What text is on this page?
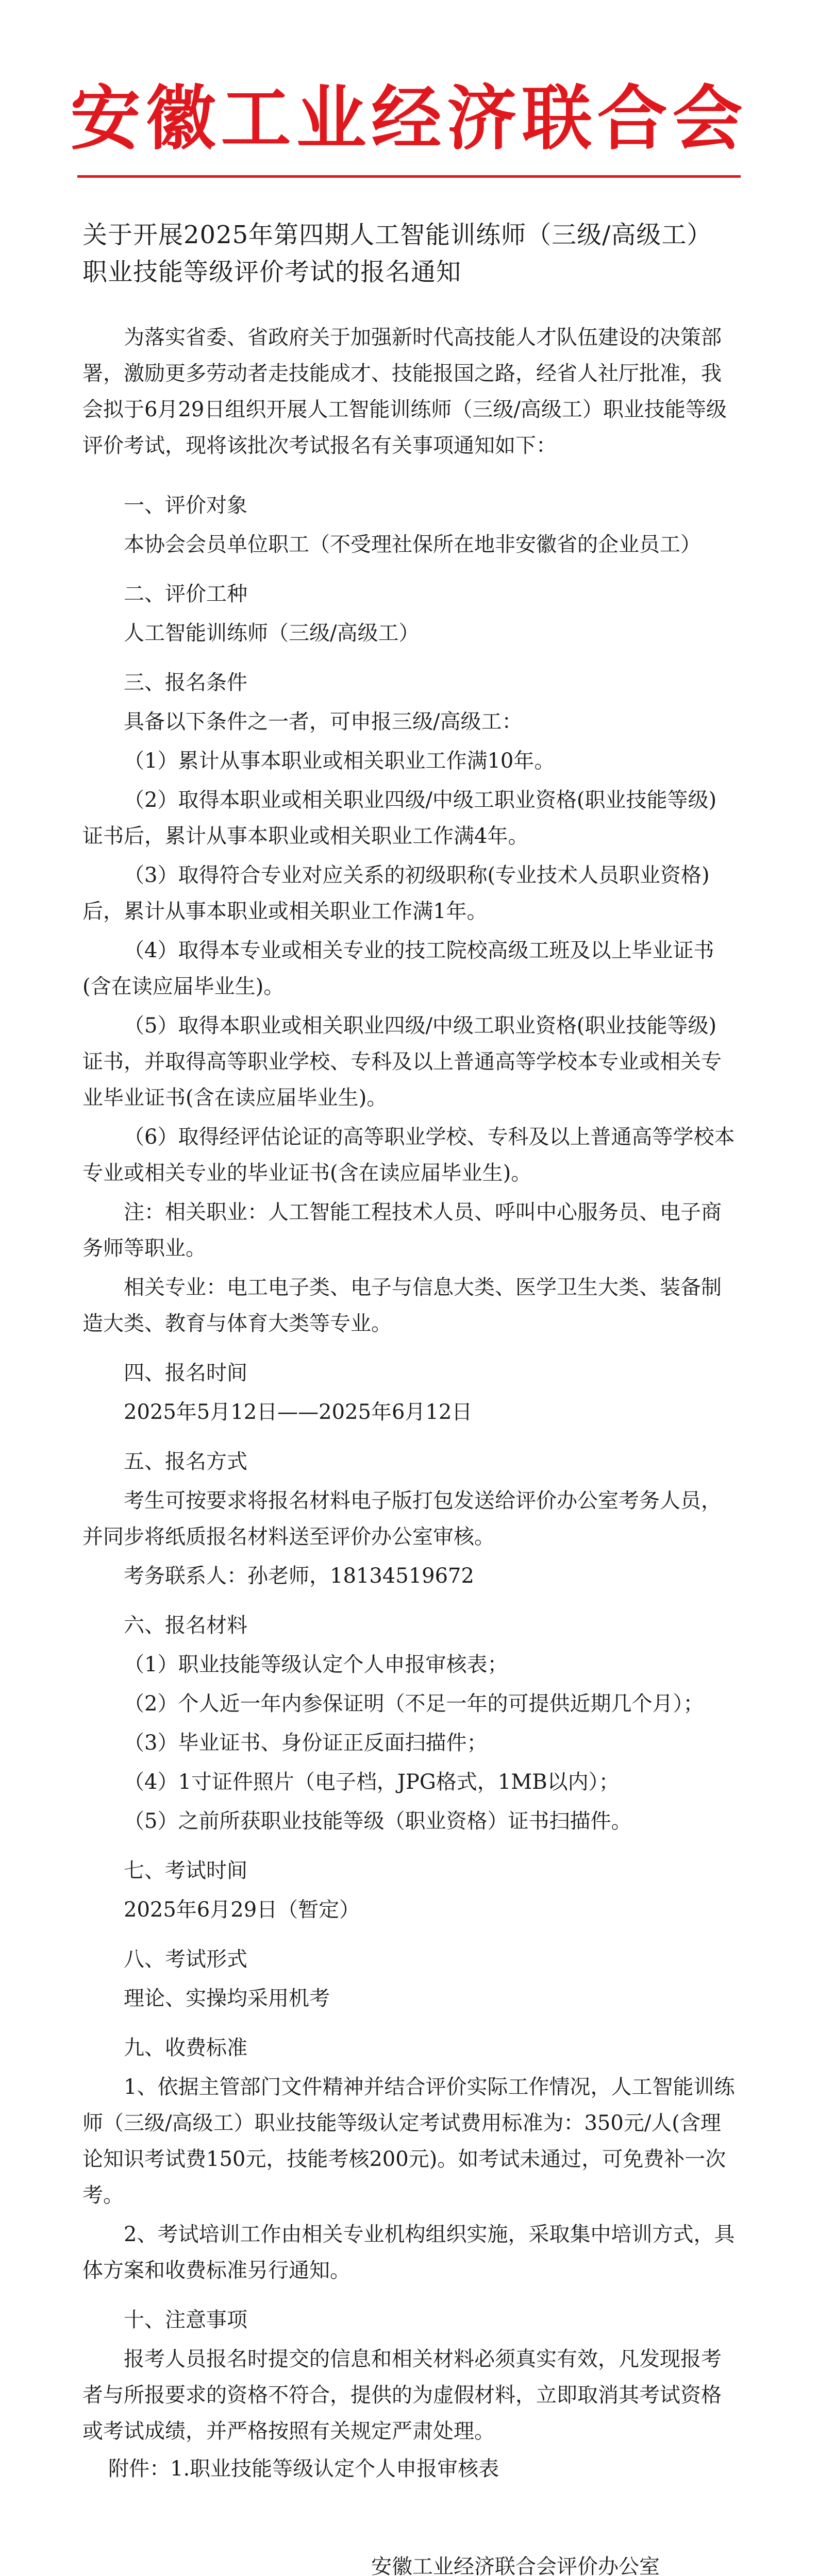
安徽工业经济联合会
关于开展2025年第四期人工智能训练师（三级/高级工）职业技能等级评价考试的报名通知

为落实省委、省政府关于加强新时代高技能人才队伍建设的决策部署，激励更多劳动者走技能成才、技能报国之路，经省人社厅批准，我会拟于6月29日组织开展人工智能训练师（三级/高级工）职业技能等级评价考试，现将该批次考试报名有关事项通知如下：

一、评价对象

本协会会员单位职工（不受理社保所在地非安徽省的企业员工）

二、评价工种

人工智能训练师（三级/高级工）

三、报名条件

具备以下条件之一者，可申报三级/高级工：

（1）累计从事本职业或相关职业工作满10年。

（2）取得本职业或相关职业四级/中级工职业资格(职业技能等级)证书后，累计从事本职业或相关职业工作满4年。

（3）取得符合专业对应关系的初级职称(专业技术人员职业资格)后，累计从事本职业或相关职业工作满1年。

（4）取得本专业或相关专业的技工院校高级工班及以上毕业证书(含在读应届毕业生)。

（5）取得本职业或相关职业四级/中级工职业资格(职业技能等级)证书，并取得高等职业学校、专科及以上普通高等学校本专业或相关专业毕业证书(含在读应届毕业生)。

（6）取得经评估论证的高等职业学校、专科及以上普通高等学校本专业或相关专业的毕业证书(含在读应届毕业生)。

注：相关职业：人工智能工程技术人员、呼叫中心服务员、电子商务师等职业。

相关专业：电工电子类、电子与信息大类、医学卫生大类、装备制造大类、教育与体育大类等专业。

四、报名时间

2025年5月12日——2025年6月12日

五、报名方式

考生可按要求将报名材料电子版打包发送给评价办公室考务人员，并同步将纸质报名材料送至评价办公室审核。

考务联系人：孙老师，18134519672

六、报名材料

（1）职业技能等级认定个人申报审核表；

（2）个人近一年内参保证明（不足一年的可提供近期几个月）；

（3）毕业证书、身份证正反面扫描件；

（4）1寸证件照片（电子档，JPG格式，1MB以内）；

（5）之前所获职业技能等级（职业资格）证书扫描件。

七、考试时间

2025年6月29日（暂定）

八、考试形式

理论、实操均采用机考

九、收费标准

1、依据主管部门文件精神并结合评价实际工作情况，人工智能训练师（三级/高级工）职业技能等级认定考试费用标准为：350元/人(含理论知识考试费150元，技能考核200元)。如考试未通过，可免费补一次考。

2、考试培训工作由相关专业机构组织实施，采取集中培训方式，具体方案和收费标准另行通知。

十、注意事项

报考人员报名时提交的信息和相关材料必须真实有效，凡发现报考者与所报要求的资格不符合，提供的为虚假材料，立即取消其考试资格或考试成绩，并严格按照有关规定严肃处理。

附件：1.职业技能等级认定个人申报审核表
安徽工业经济联合会评价办公室
